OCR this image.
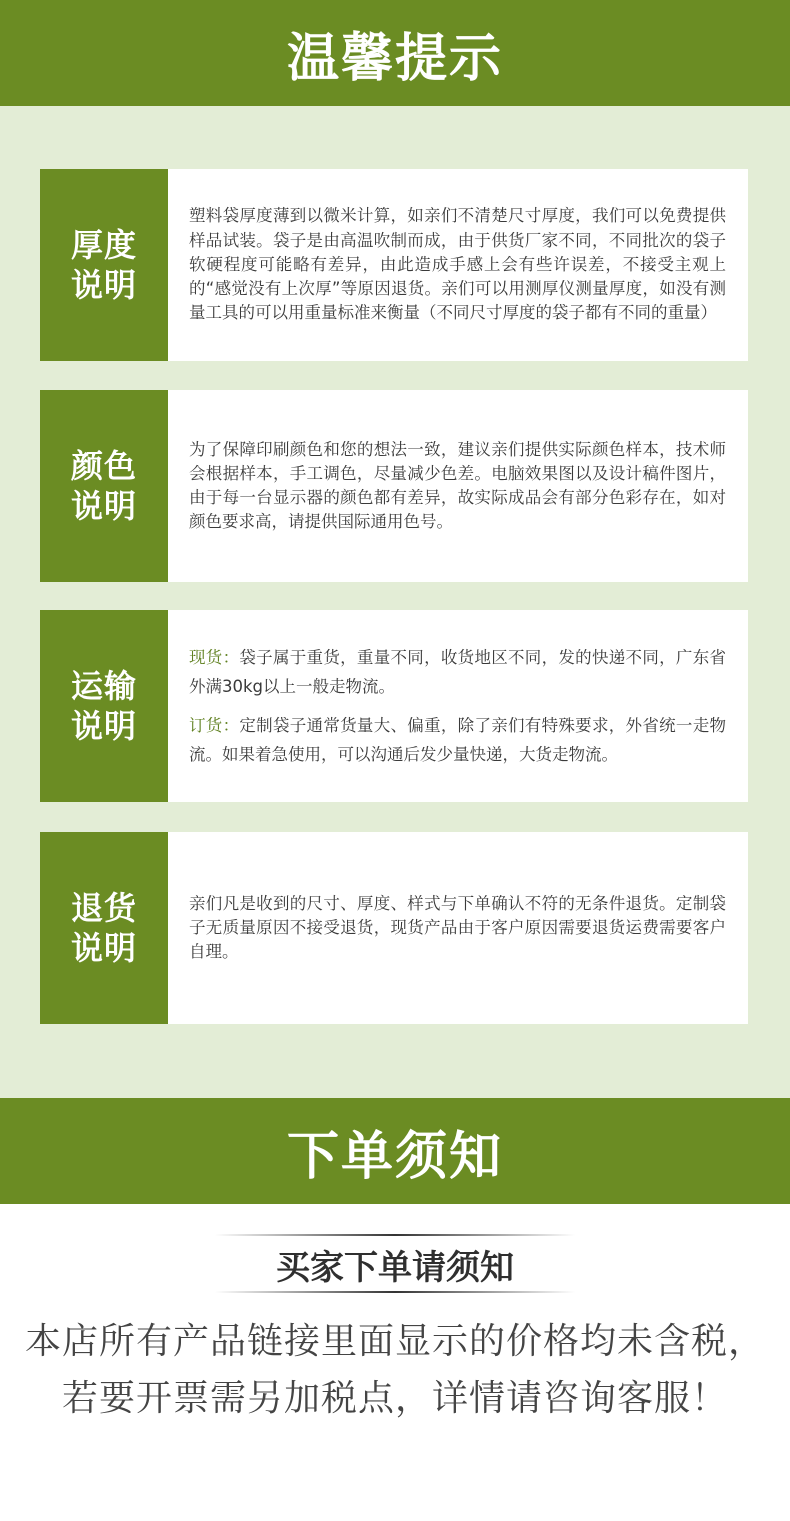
温馨提示
厚度
说明

塑料袋厚度薄到以微米计算，如亲们不清楚尺寸厚度，我们可以免费提供样品试装。袋子是由高温吹制而成，由于供货厂家不同，不同批次的袋子软硬程度可能略有差异，由此造成手感上会有些许误差，不接受主观上的“感觉没有上次厚”等原因退货。亲们可以用测厚仪测量厚度，如没有测量工具的可以用重量标准来衡量（不同尺寸厚度的袋子都有不同的重量）

颜色
说明

为了保障印刷颜色和您的想法一致，建议亲们提供实际颜色样本，技术师会根据样本，手工调色，尽量减少色差。电脑效果图以及设计稿件图片，由于每一台显示器的颜色都有差异，故实际成品会有部分色彩存在，如对颜色要求高，请提供国际通用色号。

运输
说明

现货：袋子属于重货，重量不同，收货地区不同，发的快递不同，广东省外满30kg以上一般走物流。

订货：定制袋子通常货量大、偏重，除了亲们有特殊要求，外省统一走物流。如果着急使用，可以沟通后发少量快递，大货走物流。

退货
说明

亲们凡是收到的尺寸、厚度、样式与下单确认不符的无条件退货。定制袋子无质量原因不接受退货，现货产品由于客户原因需要退货运费需要客户自理。

下单须知
买家下单请须知
本店所有产品链接里面显示的价格均未含税，
若要开票需另加税点，详情请咨询客服！
